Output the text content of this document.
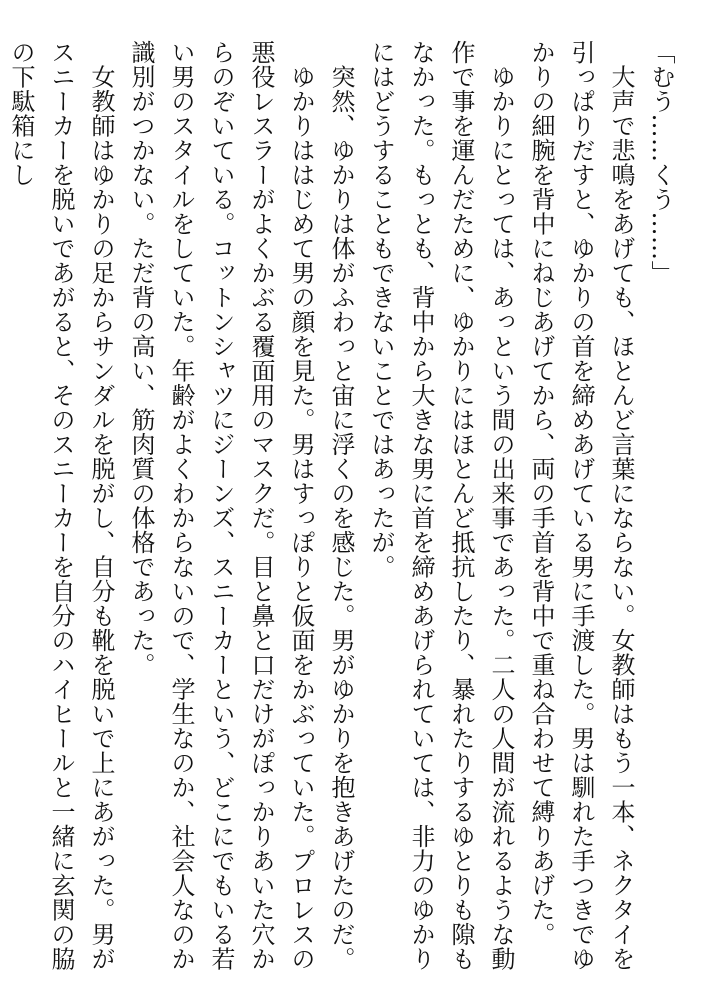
「むう……くう……」

　大声で悲鳴をあげても、ほとんど言葉にならない。女教師はもう一本、ネクタイを引っぱりだすと、ゆかりの首を締めあげている男に手渡した。男は馴れた手つきでゆかりの細腕を背中にねじあげてから、両の手首を背中で重ね合わせて縛りあげた。

　ゆかりにとっては、あっという間の出来事であった。二人の人間が流れるような動作で事を運んだために、ゆかりにはほとんど抵抗したり、暴れたりするゆとりも隙もなかった。もっとも、背中から大きな男に首を締めあげられていては、非力のゆかりにはどうすることもできないことではあったが。

　突然、ゆかりは体がふわっと宙に浮くのを感じた。男がゆかりを抱きあげたのだ。

　ゆかりははじめて男の顔を見た。男はすっぽりと仮面をかぶっていた。プロレスの悪役レスラーがよくかぶる覆面用のマスクだ。目と鼻と口だけがぽっかりあいた穴からのぞいている。コットンシャツにジーンズ、スニーカーという、どこにでもいる若い男のスタイルをしていた。年齢がよくわからないので、学生なのか、社会人なのか識別がつかない。ただ背の高い、筋肉質の体格であった。

　女教師はゆかりの足からサンダルを脱がし、自分も靴を脱いで上にあがった。男がスニーカーを脱いであがると、そのスニーカーを自分のハイヒールと一緒に玄関の脇の下駄箱にし
